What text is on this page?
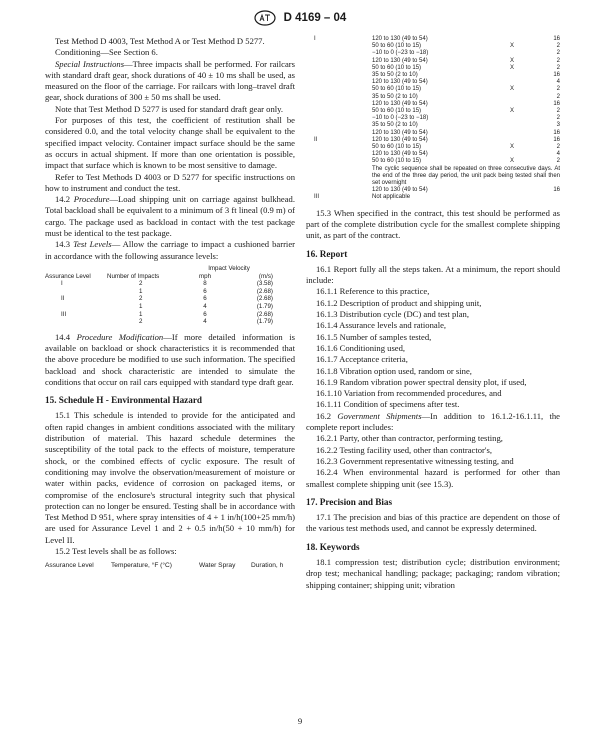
D 4169 – 04

Test Method D 4003, Test Method A or Test Method D 5277.

Conditioning—See Section 6.

Special Instructions—Three impacts shall be performed. For railcars with standard draft gear, shock durations of 40 ± 10 ms shall be used, as measured on the floor of the carriage. For railcars with long–travel draft gear, shock durations of 300 ± 50 ms shall be used.

Note that Test Method D 5277 is used for standard draft gear only.

For purposes of this test, the coefficient of restitution shall be considered 0.0, and the total velocity change shall be equivalent to the specified impact velocity. Container impact surface should be the same as occurs in actual shipment. If more than one orientation is possible, impact that surface which is known to be most sensitive to damage.

Refer to Test Methods D 4003 or D 5277 for specific instructions on how to instrument and conduct the test.

14.2 Procedure—Load shipping unit on carriage against bulkhead. Total backload shall be equivalent to a minimum of 3 ft lineal (0.9 m) of cargo. The package used as backload in contact with the test package must be identical to the test package.

14.3 Test Levels— Allow the carriage to impact a cushioned barrier in accordance with the following assurance levels:

		Impact Velocity	
Assurance Level	Number of Impacts	mph	(m/s)
I	2	8	(3.58)
	1	6	(2.68)
II	2	6	(2.68)
	1	4	(1.79)
III	1	6	(2.68)
	2	4	(1.79)

14.4 Procedure Modification—If more detailed information is available on backload or shock characteristics it is recommended that the above procedure be modified to use such information. The specified backload and shock characteristic are intended to simulate the conditions that occur on rail cars equipped with standard type draft gear.

15. Schedule H - Environmental Hazard

15.1 This schedule is intended to provide for the anticipated and often rapid changes in ambient conditions associated with the military distribution of material. This hazard schedule determines the susceptibility of the total pack to the effects of moisture, temperature shock, or the combined effects of cyclic exposure. The result of conditioning may involve the observation/measurement of moisture or water within packs, evidence of corrosion on packaged items, or compromise of the enclosure's structural integrity such that physical protection can no longer be ensured. Testing shall be in accordance with Test Method D 951, where spray intensities of 4 + 1 in/h(100+25 mm/h) are used for Assurance Level 1 and 2 + 0.5 in/h(50 + 10 mm/h) for Level II.

15.2 Test levels shall be as follows:

Assurance Level	Temperature, °F (°C)	Water Spray Duration, h
I	120 to 130 (49 to 54)		16
	50 to 60 (10 to 15)	X	2
	−10 to 0 (−23 to −18)		2
	120 to 130 (49 to 54)	X	2
	50 to 60 (10 to 15)	X	2
	35 to 50 (2 to 10)		16
	120 to 130 (49 to 54)		4
	50 to 60 (10 to 15)	X	2
	35 to 50 (2 to 10)		2
	120 to 130 (49 to 54)		16
	50 to 60 (10 to 15)	X	2
	−10 to 0 (−23 to −18)		2
	35 to 50 (2 to 10)		3
	120 to 130 (49 to 54)		16
II	120 to 130 (49 to 54)		16
	50 to 60 (10 to 15)	X	2
	120 to 130 (49 to 54)		4
	50 to 60 (10 to 15)	X	2
	The cyclic sequence shall be repeated on three consecutive days. At the end of the three day period, the unit pack being tested shall then set overnight		
	120 to 130 (49 to 54)		16
III	Not applicable		

15.3 When specified in the contract, this test should be performed as part of the complete distribution cycle for the smallest complete shipping unit, as part of the contract.

16. Report

16.1 Report fully all the steps taken. At a minimum, the report should include:

16.1.1 Reference to this practice,

16.1.2 Description of product and shipping unit,

16.1.3 Distribution cycle (DC) and test plan,

16.1.4 Assurance levels and rationale,

16.1.5 Number of samples tested,

16.1.6 Conditioning used,

16.1.7 Acceptance criteria,

16.1.8 Vibration option used, random or sine,

16.1.9 Random vibration power spectral density plot, if used,

16.1.10 Variation from recommended procedures, and

16.1.11 Condition of specimens after test.

16.2 Government Shipments—In addition to 16.1.2-16.1.11, the complete report includes:

16.2.1 Party, other than contractor, performing testing,

16.2.2 Testing facility used, other than contractor's,

16.2.3 Government representative witnessing testing, and

16.2.4 When environmental hazard is performed for other than smallest complete shipping unit (see 15.3).

17. Precision and Bias

17.1 The precision and bias of this practice are dependent on those of the various test methods used, and cannot be expressly determined.

18. Keywords

18.1 compression test; distribution cycle; distribution environment; drop test; mechanical handling; package; packaging; random vibration; shipping container; shipping unit; vibration

9
